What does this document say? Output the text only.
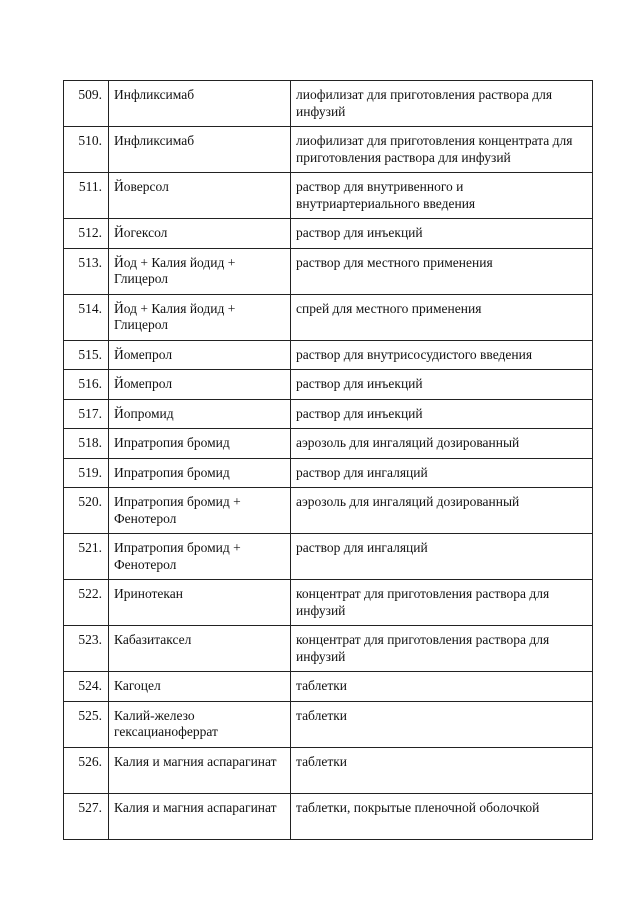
509.	Инфликсимаб	лиофилизат для приготовления раствора для инфузий
510.	Инфликсимаб	лиофилизат для приготовления концентрата для приготовления раствора для инфузий
511.	Йоверсол	раствор для внутривенного и внутриартериального введения
512.	Йогексол	раствор для инъекций
513.	Йод + Калия йодид + Глицерол	раствор для местного применения
514.	Йод + Калия йодид + Глицерол	спрей для местного применения
515.	Йомепрол	раствор для внутрисосудистого введения
516.	Йомепрол	раствор для инъекций
517.	Йопромид	раствор для инъекций
518.	Ипратропия бромид	аэрозоль для ингаляций дозированный
519.	Ипратропия бромид	раствор для ингаляций
520.	Ипратропия бромид + Фенотерол	аэрозоль для ингаляций дозированный
521.	Ипратропия бромид + Фенотерол	раствор для ингаляций
522.	Иринотекан	концентрат для приготовления раствора для инфузий
523.	Кабазитаксел	концентрат для приготовления раствора для инфузий
524.	Кагоцел	таблетки
525.	Калий-железо гексацианоферрат	таблетки
526.	Калия и магния аспарагинат	таблетки
527.	Калия и магния аспарагинат	таблетки, покрытые пленочной оболочкой
